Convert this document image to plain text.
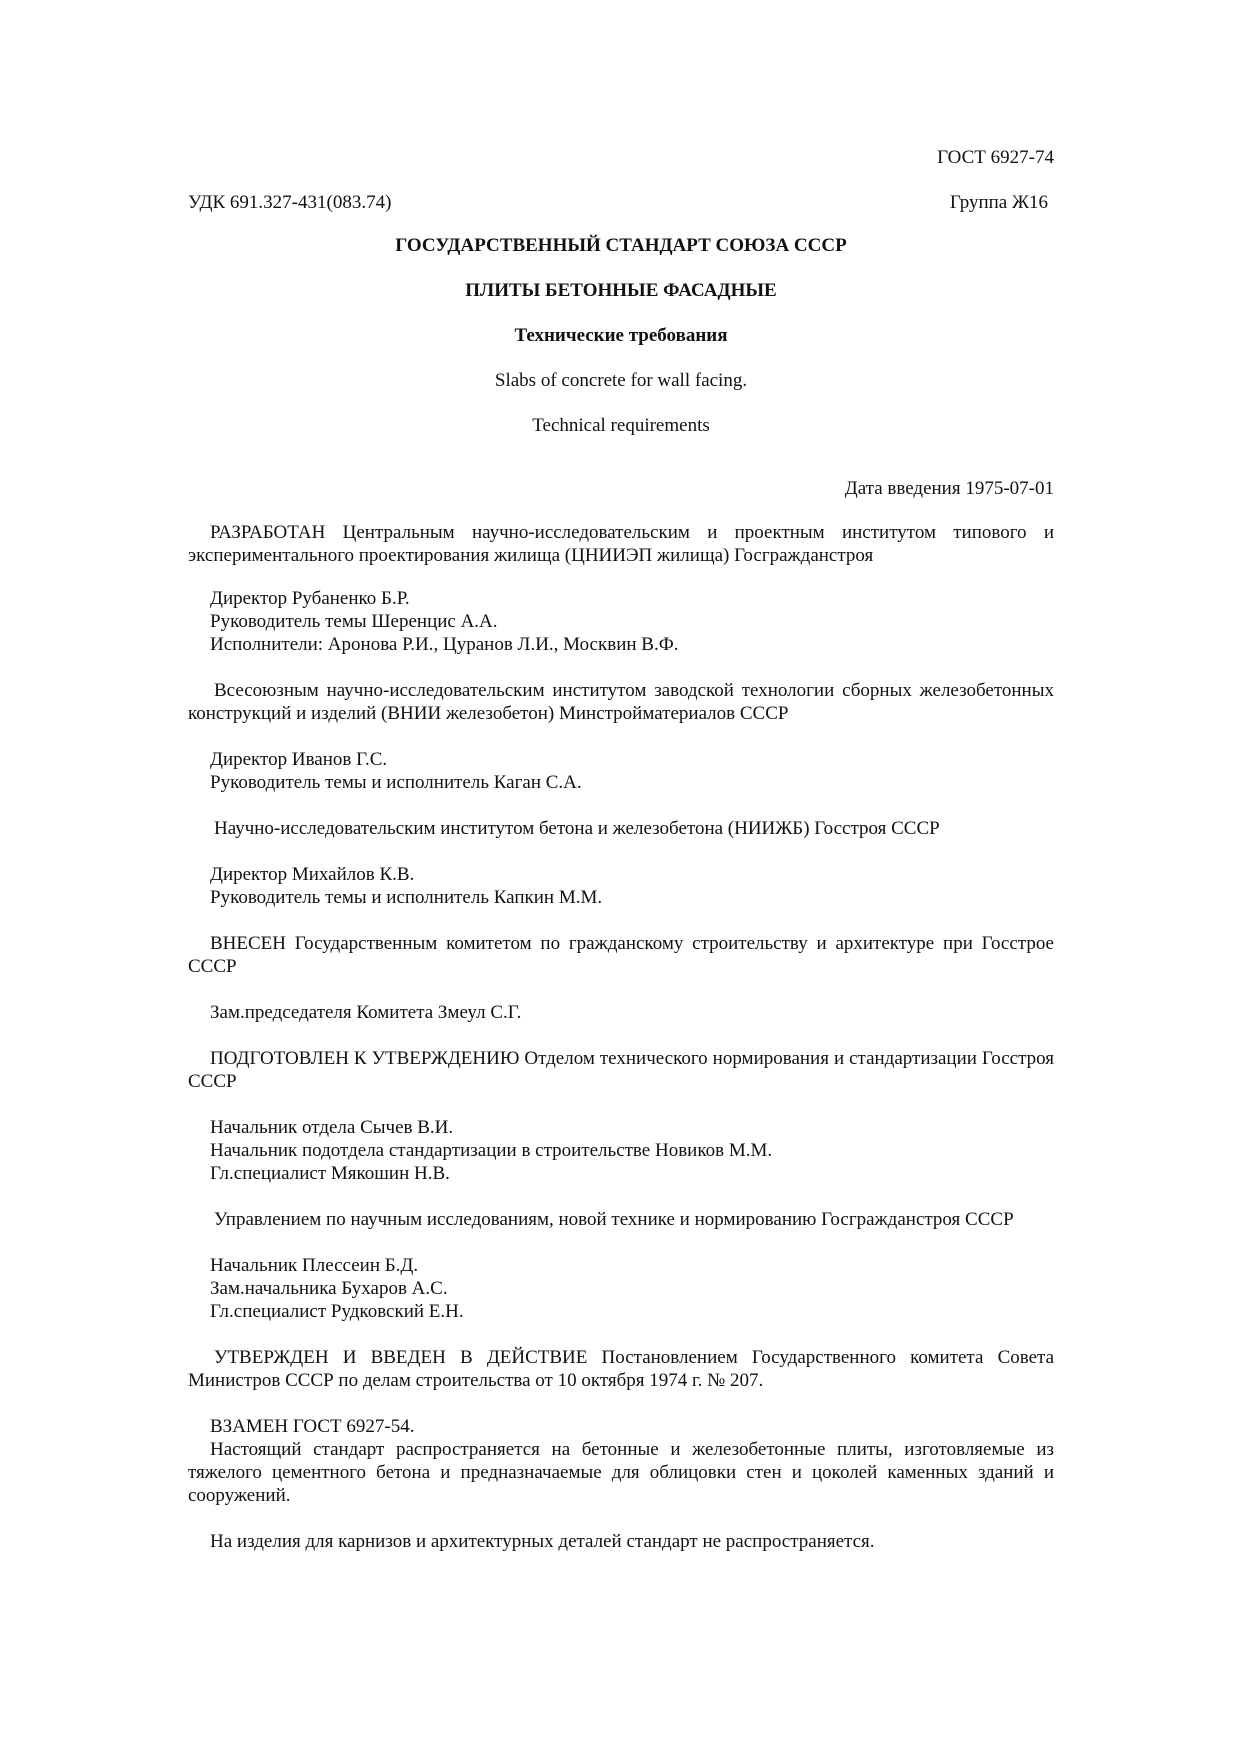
ГОСТ 6927-74
УДК 691.327-431(083.74)	Группа Ж16
ГОСУДАРСТВЕННЫЙ СТАНДАРТ СОЮЗА СССР
ПЛИТЫ БЕТОННЫЕ ФАСАДНЫЕ
Технические требования
Slabs of concrete for wall facing.
Technical requirements
Дата введения 1975-07-01
РАЗРАБОТАН Центральным научно-исследовательским и проектным институтом типового и экспериментального проектирования жилища (ЦНИИЭП жилища) Госгражданстроя
Директор Рубаненко Б.Р.
Руководитель темы Шеренцис А.А.
Исполнители: Аронова Р.И., Цуранов Л.И., Москвин В.Ф.
Всесоюзным научно-исследовательским институтом заводской технологии сборных железобетонных конструкций и изделий (ВНИИ железобетон) Минстройматериалов СССР
Директор Иванов Г.С.
Руководитель темы и исполнитель Каган С.А.
Научно-исследовательским институтом бетона и железобетона (НИИЖБ) Госстроя СССР
Директор Михайлов К.В.
Руководитель темы и исполнитель Капкин М.М.
ВНЕСЕН Государственным комитетом по гражданскому строительству и архитектуре при Госстрое СССР
Зам.председателя Комитета Змеул С.Г.
ПОДГОТОВЛЕН К УТВЕРЖДЕНИЮ Отделом технического нормирования и стандартизации Госстроя СССР
Начальник отдела Сычев В.И.
Начальник подотдела стандартизации в строительстве Новиков М.М.
Гл.специалист Мякошин Н.В.
Управлением по научным исследованиям, новой технике и нормированию Госгражданстроя СССР
Начальник Плессеин Б.Д.
Зам.начальника Бухаров А.С.
Гл.специалист Рудковский Е.Н.
УТВЕРЖДЕН И ВВЕДЕН В ДЕЙСТВИЕ Постановлением Государственного комитета Совета Министров СССР по делам строительства от 10 октября 1974 г. № 207.
ВЗАМЕН ГОСТ 6927-54.
Настоящий стандарт распространяется на бетонные и железобетонные плиты, изготовляемые из тяжелого цементного бетона и предназначаемые для облицовки стен и цоколей каменных зданий и сооружений.
На изделия для карнизов и архитектурных деталей стандарт не распространяется.
